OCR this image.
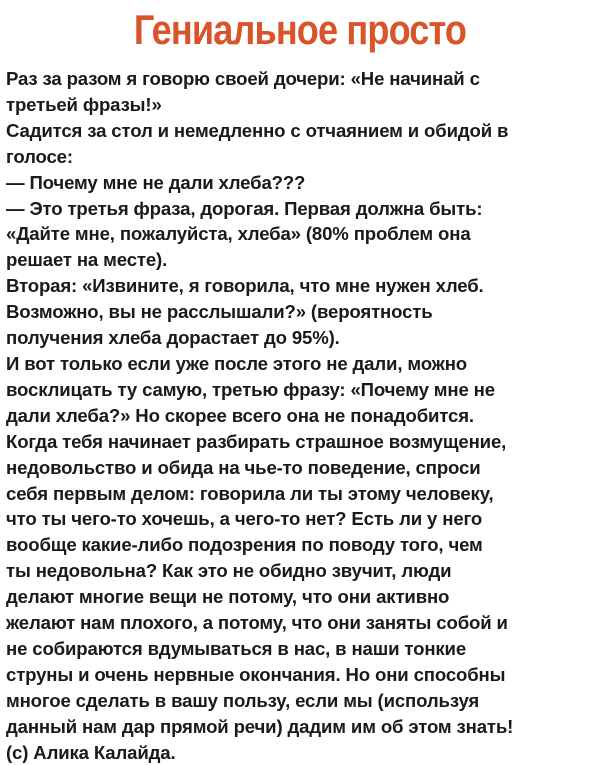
Гениальное просто
Раз за разом я говорю своей дочери: «Не начинай с
третьей фразы!»
Садится за стол и немедленно с отчаянием и обидой в
голосе:
— Почему мне не дали хлеба???
— Это третья фраза, дорогая. Первая должна быть:
«Дайте мне, пожалуйста, хлеба» (80% проблем она
решает на месте).
Вторая: «Извините, я говорила, что мне нужен хлеб.
Возможно, вы не расслышали?» (вероятность
получения хлеба дорастает до 95%).
И вот только если уже после этого не дали, можно
восклицать ту самую, третью фразу: «Почему мне не
дали хлеба?» Но скорее всего она не понадобится.
Когда тебя начинает разбирать страшное возмущение,
недовольство и обида на чье-то поведение, спроси
себя первым делом: говорила ли ты этому человеку,
что ты чего-то хочешь, а чего-то нет? Есть ли у него
вообще какие-либо подозрения по поводу того, чем
ты недовольна? Как это не обидно звучит, люди
делают многие вещи не потому, что они активно
желают нам плохого, а потому, что они заняты собой и
не собираются вдумываться в нас, в наши тонкие
струны и очень нервные окончания. Но они способны
многое сделать в вашу пользу, если мы (используя
данный нам дар прямой речи) дадим им об этом знать!
(с) Алика Калайда.
